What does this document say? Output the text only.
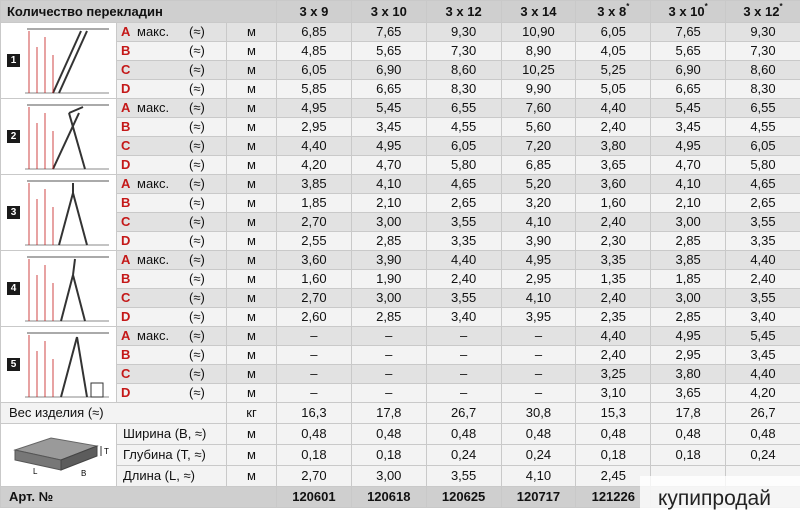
Количество перекладин			3 x 9	3 x 10	3 x 12	3 x 14	3 x 8*	3 x 10*	3 x 12*

1	A макс. (≈)	м	6,85	7,65	9,30	10,90	6,05	7,65	9,30
	B (≈)	м	4,85	5,65	7,30	8,90	4,05	5,65	7,30
	C (≈)	м	6,05	6,90	8,60	10,25	5,25	6,90	8,60
	D (≈)	м	5,85	6,65	8,30	9,90	5,05	6,65	8,30

2	A макс. (≈)	м	4,95	5,45	6,55	7,60	4,40	5,45	6,55
	B (≈)	м	2,95	3,45	4,55	5,60	2,40	3,45	4,55
	C (≈)	м	4,40	4,95	6,05	7,20	3,80	4,95	6,05
	D (≈)	м	4,20	4,70	5,80	6,85	3,65	4,70	5,80

3	A макс. (≈)	м	3,85	4,10	4,65	5,20	3,60	4,10	4,65
	B (≈)	м	1,85	2,10	2,65	3,20	1,60	2,10	2,65
	C (≈)	м	2,70	3,00	3,55	4,10	2,40	3,00	3,55
	D (≈)	м	2,55	2,85	3,35	3,90	2,30	2,85	3,35

4	A макс. (≈)	м	3,60	3,90	4,40	4,95	3,35	3,85	4,40
	B (≈)	м	1,60	1,90	2,40	2,95	1,35	1,85	2,40
	C (≈)	м	2,70	3,00	3,55	4,10	2,40	3,00	3,55
	D (≈)	м	2,60	2,85	3,40	3,95	2,35	2,85	3,40

5	A макс. (≈)	м	–	–	–	–	4,40	4,95	5,45
	B (≈)	м	–	–	–	–	2,40	2,95	3,45
	C (≈)	м	–	–	–	–	3,25	3,80	4,40
	D (≈)	м	–	–	–	–	3,10	3,65	4,20
Вес изделия (≈)		кг	16,3	17,8	26,7	30,8	15,3	17,8	26,7

T
L B	Ширина (B, ≈)	м	0,48	0,48	0,48	0,48	0,48	0,48	0,48
	Глубина (T, ≈)	м	0,18	0,18	0,24	0,24	0,18	0,18	0,24
	Длина (L, ≈)	м	2,70	3,00	3,55	4,10	2,45		
Арт. №			120601	120618	120625	120717	121226			купипродай
